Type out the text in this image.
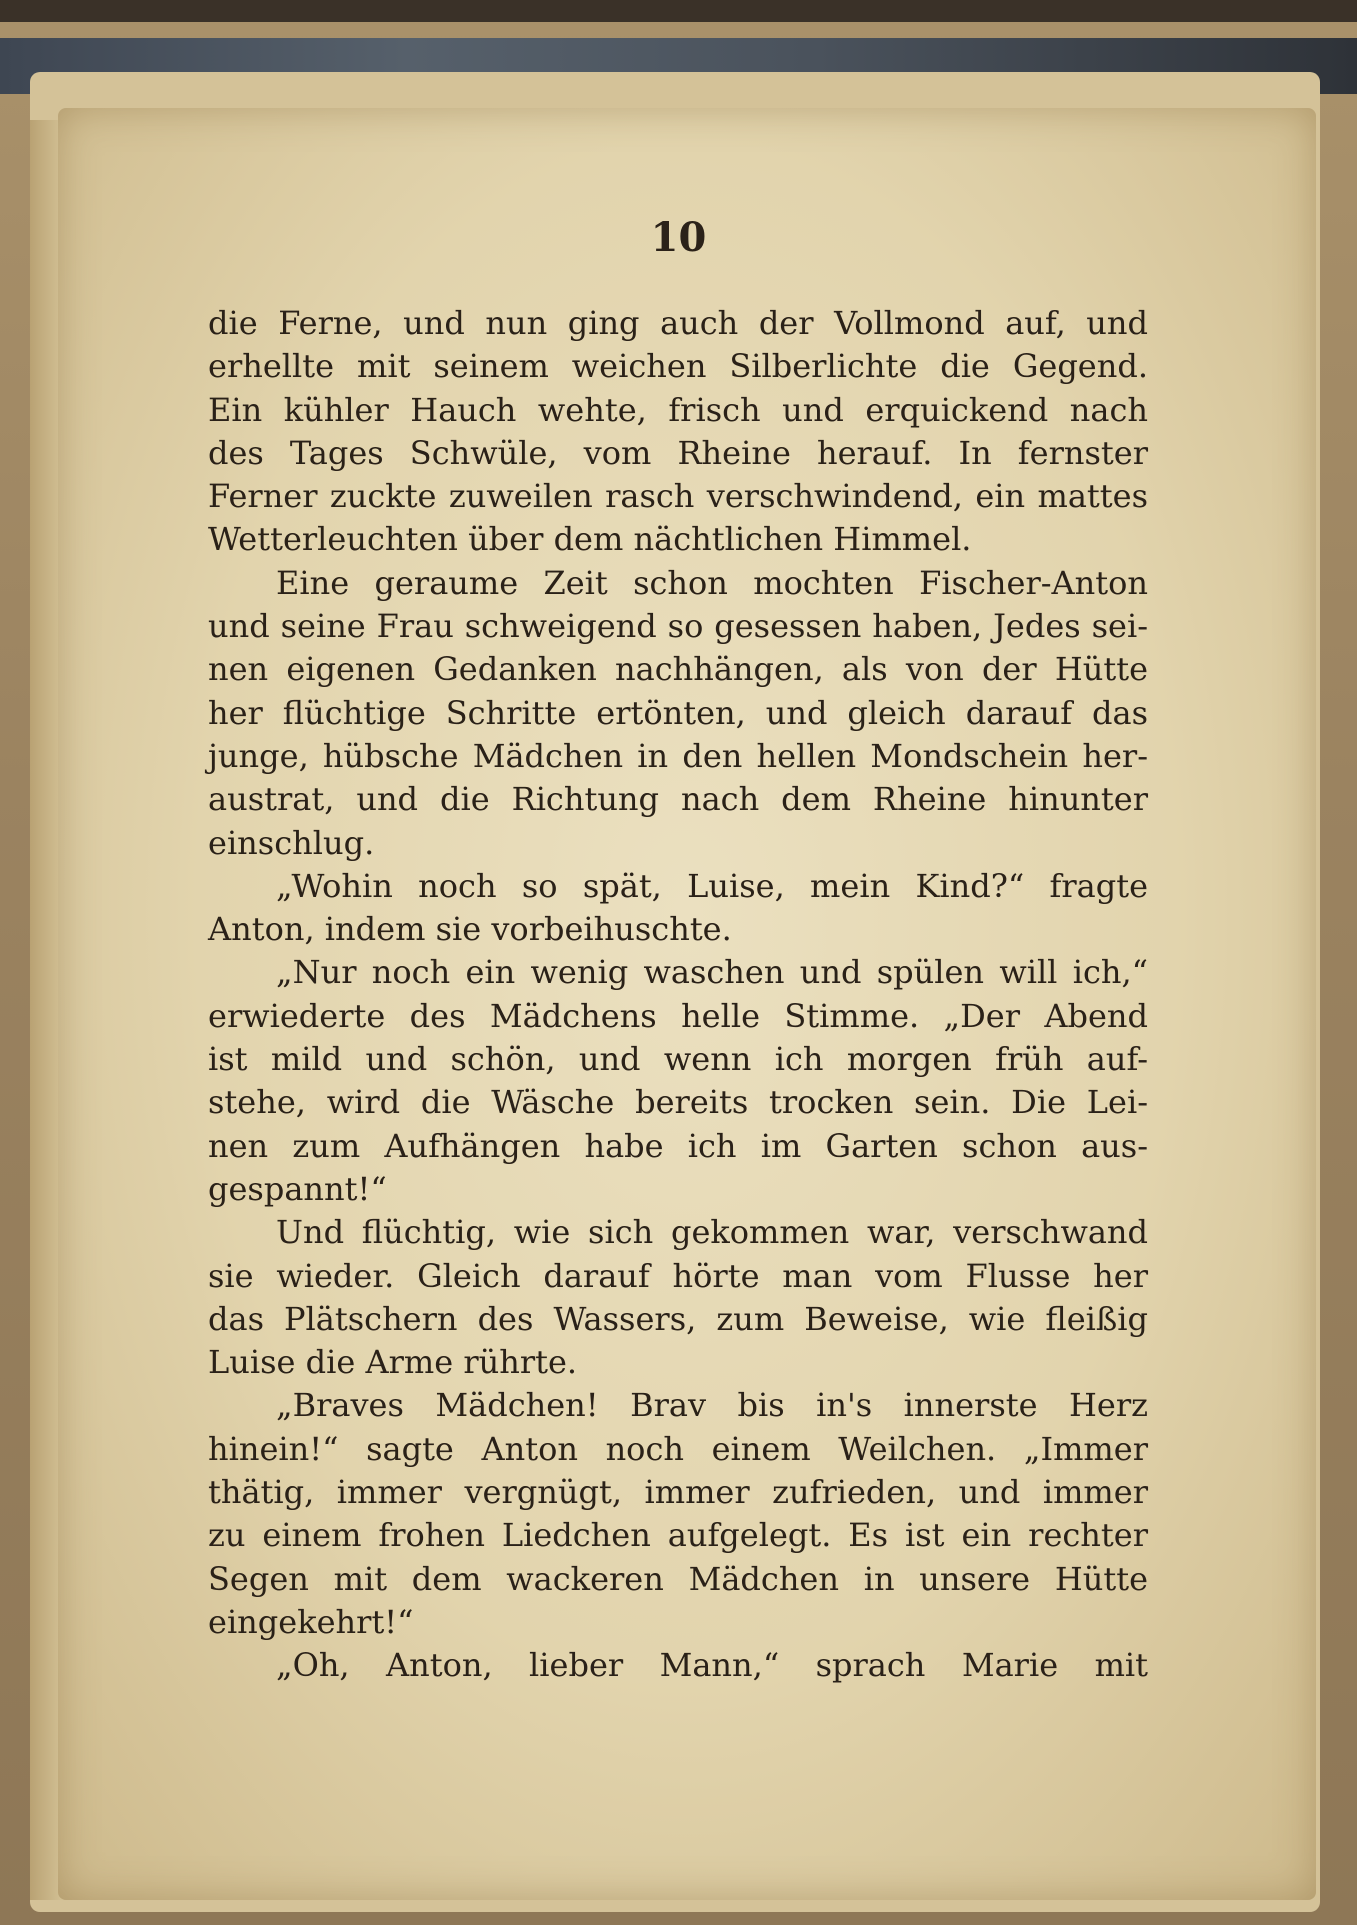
10
die Ferne, und nun ging auch der Vollmond auf, und
erhellte mit seinem weichen Silberlichte die Gegend.
Ein kühler Hauch wehte, frisch und erquickend nach
des Tages Schwüle, vom Rheine herauf. In fernster
Ferner zuckte zuweilen rasch verschwindend, ein mattes
Wetterleuchten über dem nächtlichen Himmel.
Eine geraume Zeit schon mochten Fischer-Anton
und seine Frau schweigend so gesessen haben, Jedes sei-
nen eigenen Gedanken nachhängen, als von der Hütte
her flüchtige Schritte ertönten, und gleich darauf das
junge, hübsche Mädchen in den hellen Mondschein her-
austrat, und die Richtung nach dem Rheine hinunter
einschlug.
„Wohin noch so spät, Luise, mein Kind?“ fragte
Anton, indem sie vorbeihuschte.
„Nur noch ein wenig waschen und spülen will ich,“
erwiederte des Mädchens helle Stimme. „Der Abend
ist mild und schön, und wenn ich morgen früh auf-
stehe, wird die Wäsche bereits trocken sein. Die Lei-
nen zum Aufhängen habe ich im Garten schon aus-
gespannt!“
Und flüchtig, wie sich gekommen war, verschwand
sie wieder. Gleich darauf hörte man vom Flusse her
das Plätschern des Wassers, zum Beweise, wie fleißig
Luise die Arme rührte.
„Braves Mädchen! Brav bis in's innerste Herz
hinein!“ sagte Anton noch einem Weilchen. „Immer
thätig, immer vergnügt, immer zufrieden, und immer
zu einem frohen Liedchen aufgelegt. Es ist ein rechter
Segen mit dem wackeren Mädchen in unsere Hütte
eingekehrt!“
„Oh, Anton, lieber Mann,“ sprach Marie mit
